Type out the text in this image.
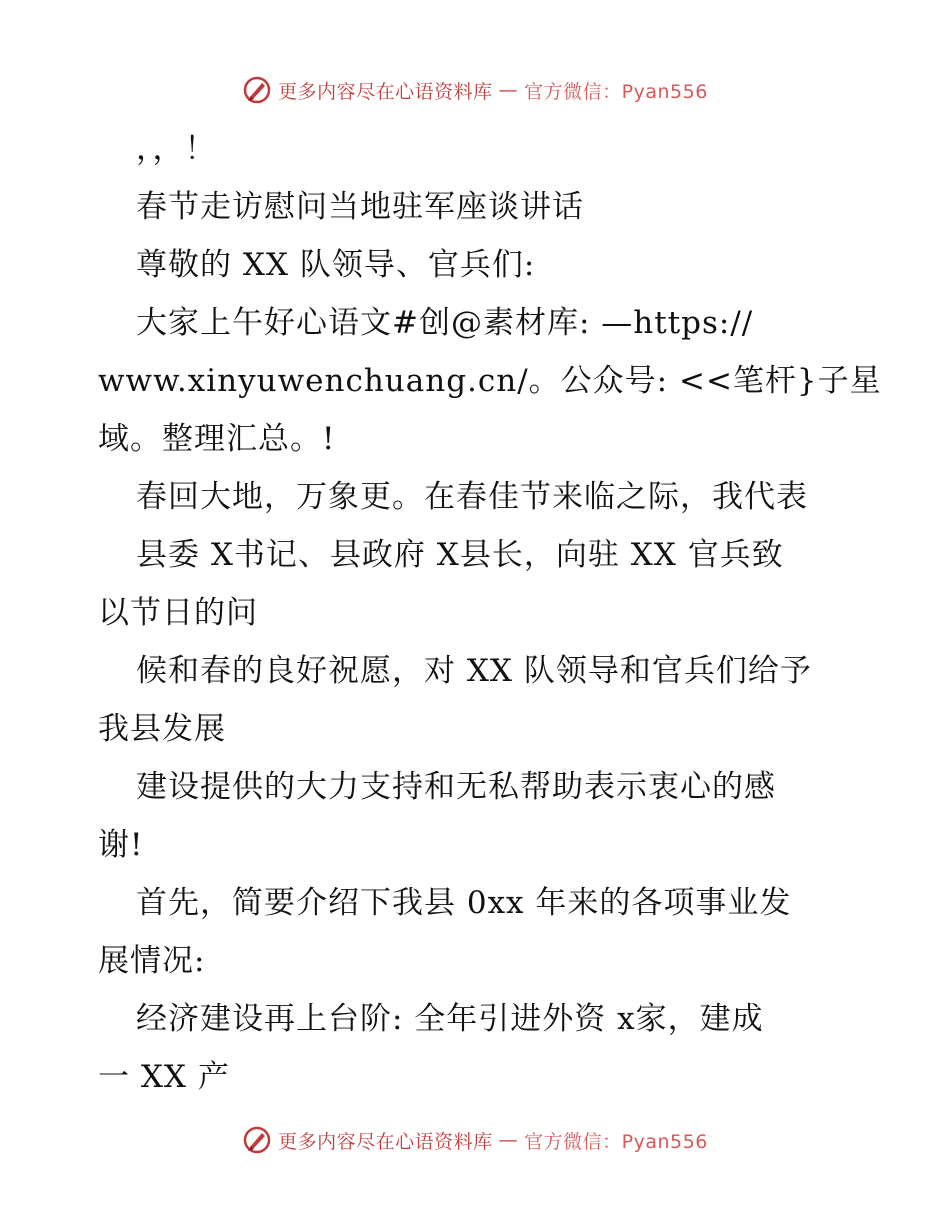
更多内容尽在心语资料库 — 官方微信：Pyan556
，，！
春节走访慰问当地驻军座谈讲话
尊敬的 XX 队领导、官兵们:
大家上午好心语文#创@素材库: —https://
www.xinyuwenchuang.cn/。公众号: <<笔杆}子星
域。整理汇总。!
春回大地，万象更。在春佳节来临之际，我代表
县委 X书记、县政府 X县长，向驻 XX 官兵致
以节日的问
候和春的良好祝愿，对 XX 队领导和官兵们给予
我县发展
建设提供的大力支持和无私帮助表示衷心的感
谢!
首先，简要介绍下我县 0xx 年来的各项事业发
展情况:
经济建设再上台阶: 全年引进外资 x家，建成
一 XX 产
更多内容尽在心语资料库 — 官方微信：Pyan556
